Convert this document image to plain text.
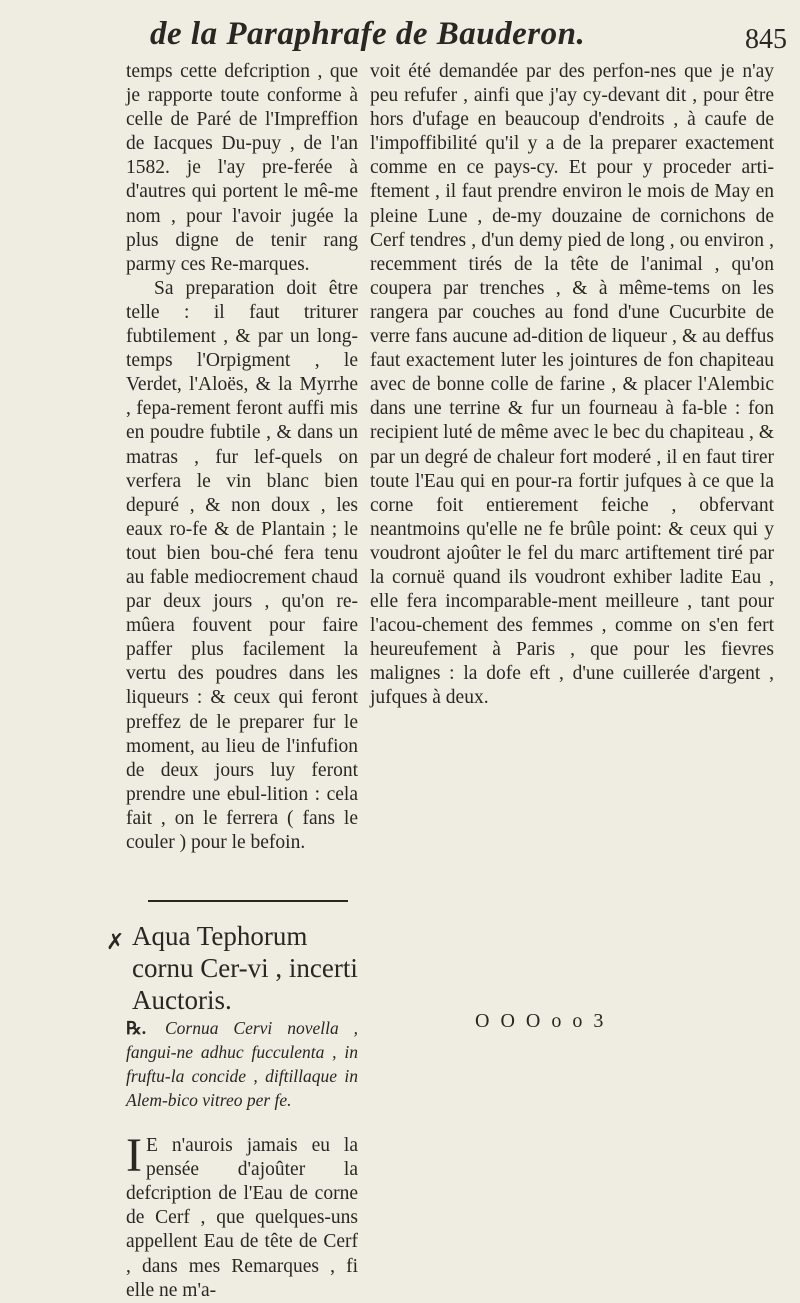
de la Paraphrafe de Bauderon.	845

temps cette defcription , que je rapporte toute conforme à celle de Paré de l'Impreffion de Iacques Du-puy , de l'an 1582. je l'ay pre-ferée à d'autres qui portent le mê-me nom , pour l'avoir jugée la plus digne de tenir rang parmy ces Re-marques.

Sa preparation doit être telle : il faut triturer fubtilement , & par un long-temps l'Orpigment , le Verdet, l'Aloës, & la Myrrhe , fepa-rement feront auffi mis en poudre fubtile , & dans un matras , fur lef-quels on verfera le vin blanc bien depuré , & non doux , les eaux ro-fe & de Plantain ; le tout bien bou-ché fera tenu au fable mediocrement chaud par deux jours , qu'on re-mûera fouvent pour faire paffer plus facilement la vertu des poudres dans les liqueurs : & ceux qui feront preffez de le preparer fur le moment, au lieu de l'infufion de deux jours luy feront prendre une ebul-lition : cela fait , on le ferrera ( fans le couler ) pour le befoin.

✗ Aqua Tephorum cornu Cer-vi , incerti Auctoris.

℞. Cornua Cervi novella , fangui-ne adhuc fucculenta , in fruftu-la concide , diftillaque in Alem-bico vitreo per fe.

I E n'aurois jamais eu la pensée d'ajoûter la defcription de l'Eau de corne de Cerf , que quelques-uns appellent Eau de tête de Cerf , dans mes Remarques , fi elle ne m'a-

voit été demandée par des perfon-nes que je n'ay peu refufer , ainfi que j'ay cy-devant dit , pour être hors d'ufage en beaucoup d'endroits , à caufe de l'impoffibilité qu'il y a de la preparer exactement comme en ce pays-cy. Et pour y proceder arti-ftement , il faut prendre environ le mois de May en pleine Lune , de-my douzaine de cornichons de Cerf tendres , d'un demy pied de long , ou environ , recemment tirés de la tête de l'animal , qu'on coupera par trenches , & à même-tems on les rangera par couches au fond d'une Cucurbite de verre fans aucune ad-dition de liqueur , & au deffus faut exactement luter les jointures de fon chapiteau avec de bonne colle de farine , & placer l'Alembic dans une terrine & fur un fourneau à fa-ble : fon recipient luté de même avec le bec du chapiteau , & par un degré de chaleur fort moderé , il en faut tirer toute l'Eau qui en pour-ra fortir jufques à ce que la corne foit entierement feiche , obfervant neantmoins qu'elle ne fe brûle point: & ceux qui y voudront ajoûter le fel du marc artiftement tiré par la cornuë quand ils voudront exhiber ladite Eau , elle fera incomparable-ment meilleure , tant pour l'acou-chement des femmes , comme on s'en fert heureufement à Paris , que pour les fievres malignes : la dofe eft , d'une cuillerée d'argent , jufques à deux.

O O O o o 3
